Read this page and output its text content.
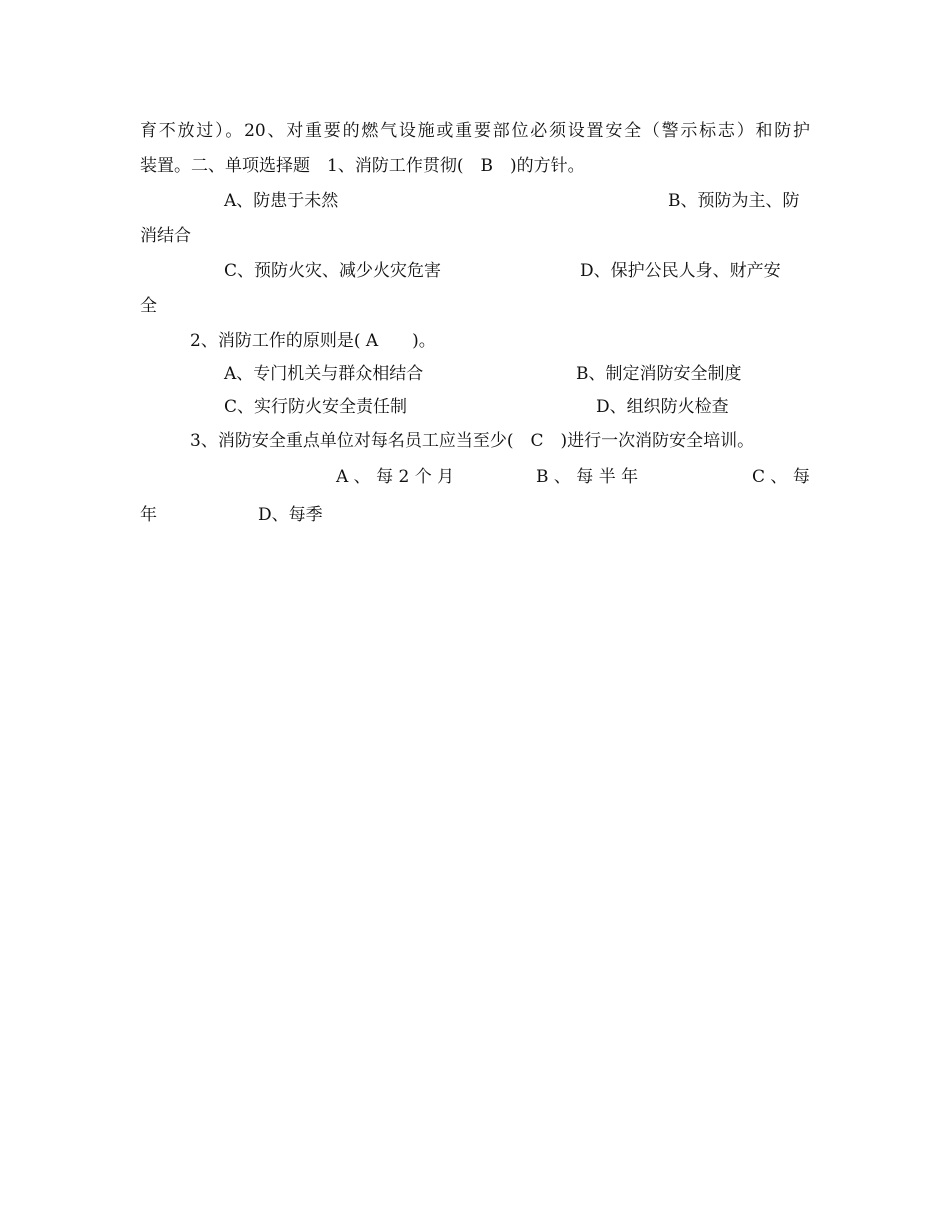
育不放过）。20、对重要的燃气设施或重要部位必须设置安全（警示标志）和防护
装置。二、单项选择题　1、消防工作贯彻(　B　)的方针。
A、防患于未然	B、预防为主、防
消结合
C、预防火灾、减少火灾危害	D、保护公民人身、财产安
全
2、消防工作的原则是( A　　)。
A、专门机关与群众相结合	B、制定消防安全制度
C、实行防火安全责任制	D、组织防火检查
3、消防安全重点单位对每名员工应当至少(　C　)进行一次消防安全培训。
A 、 每 2 个 月	B 、 每 半 年	C 、 每
年	D、每季
